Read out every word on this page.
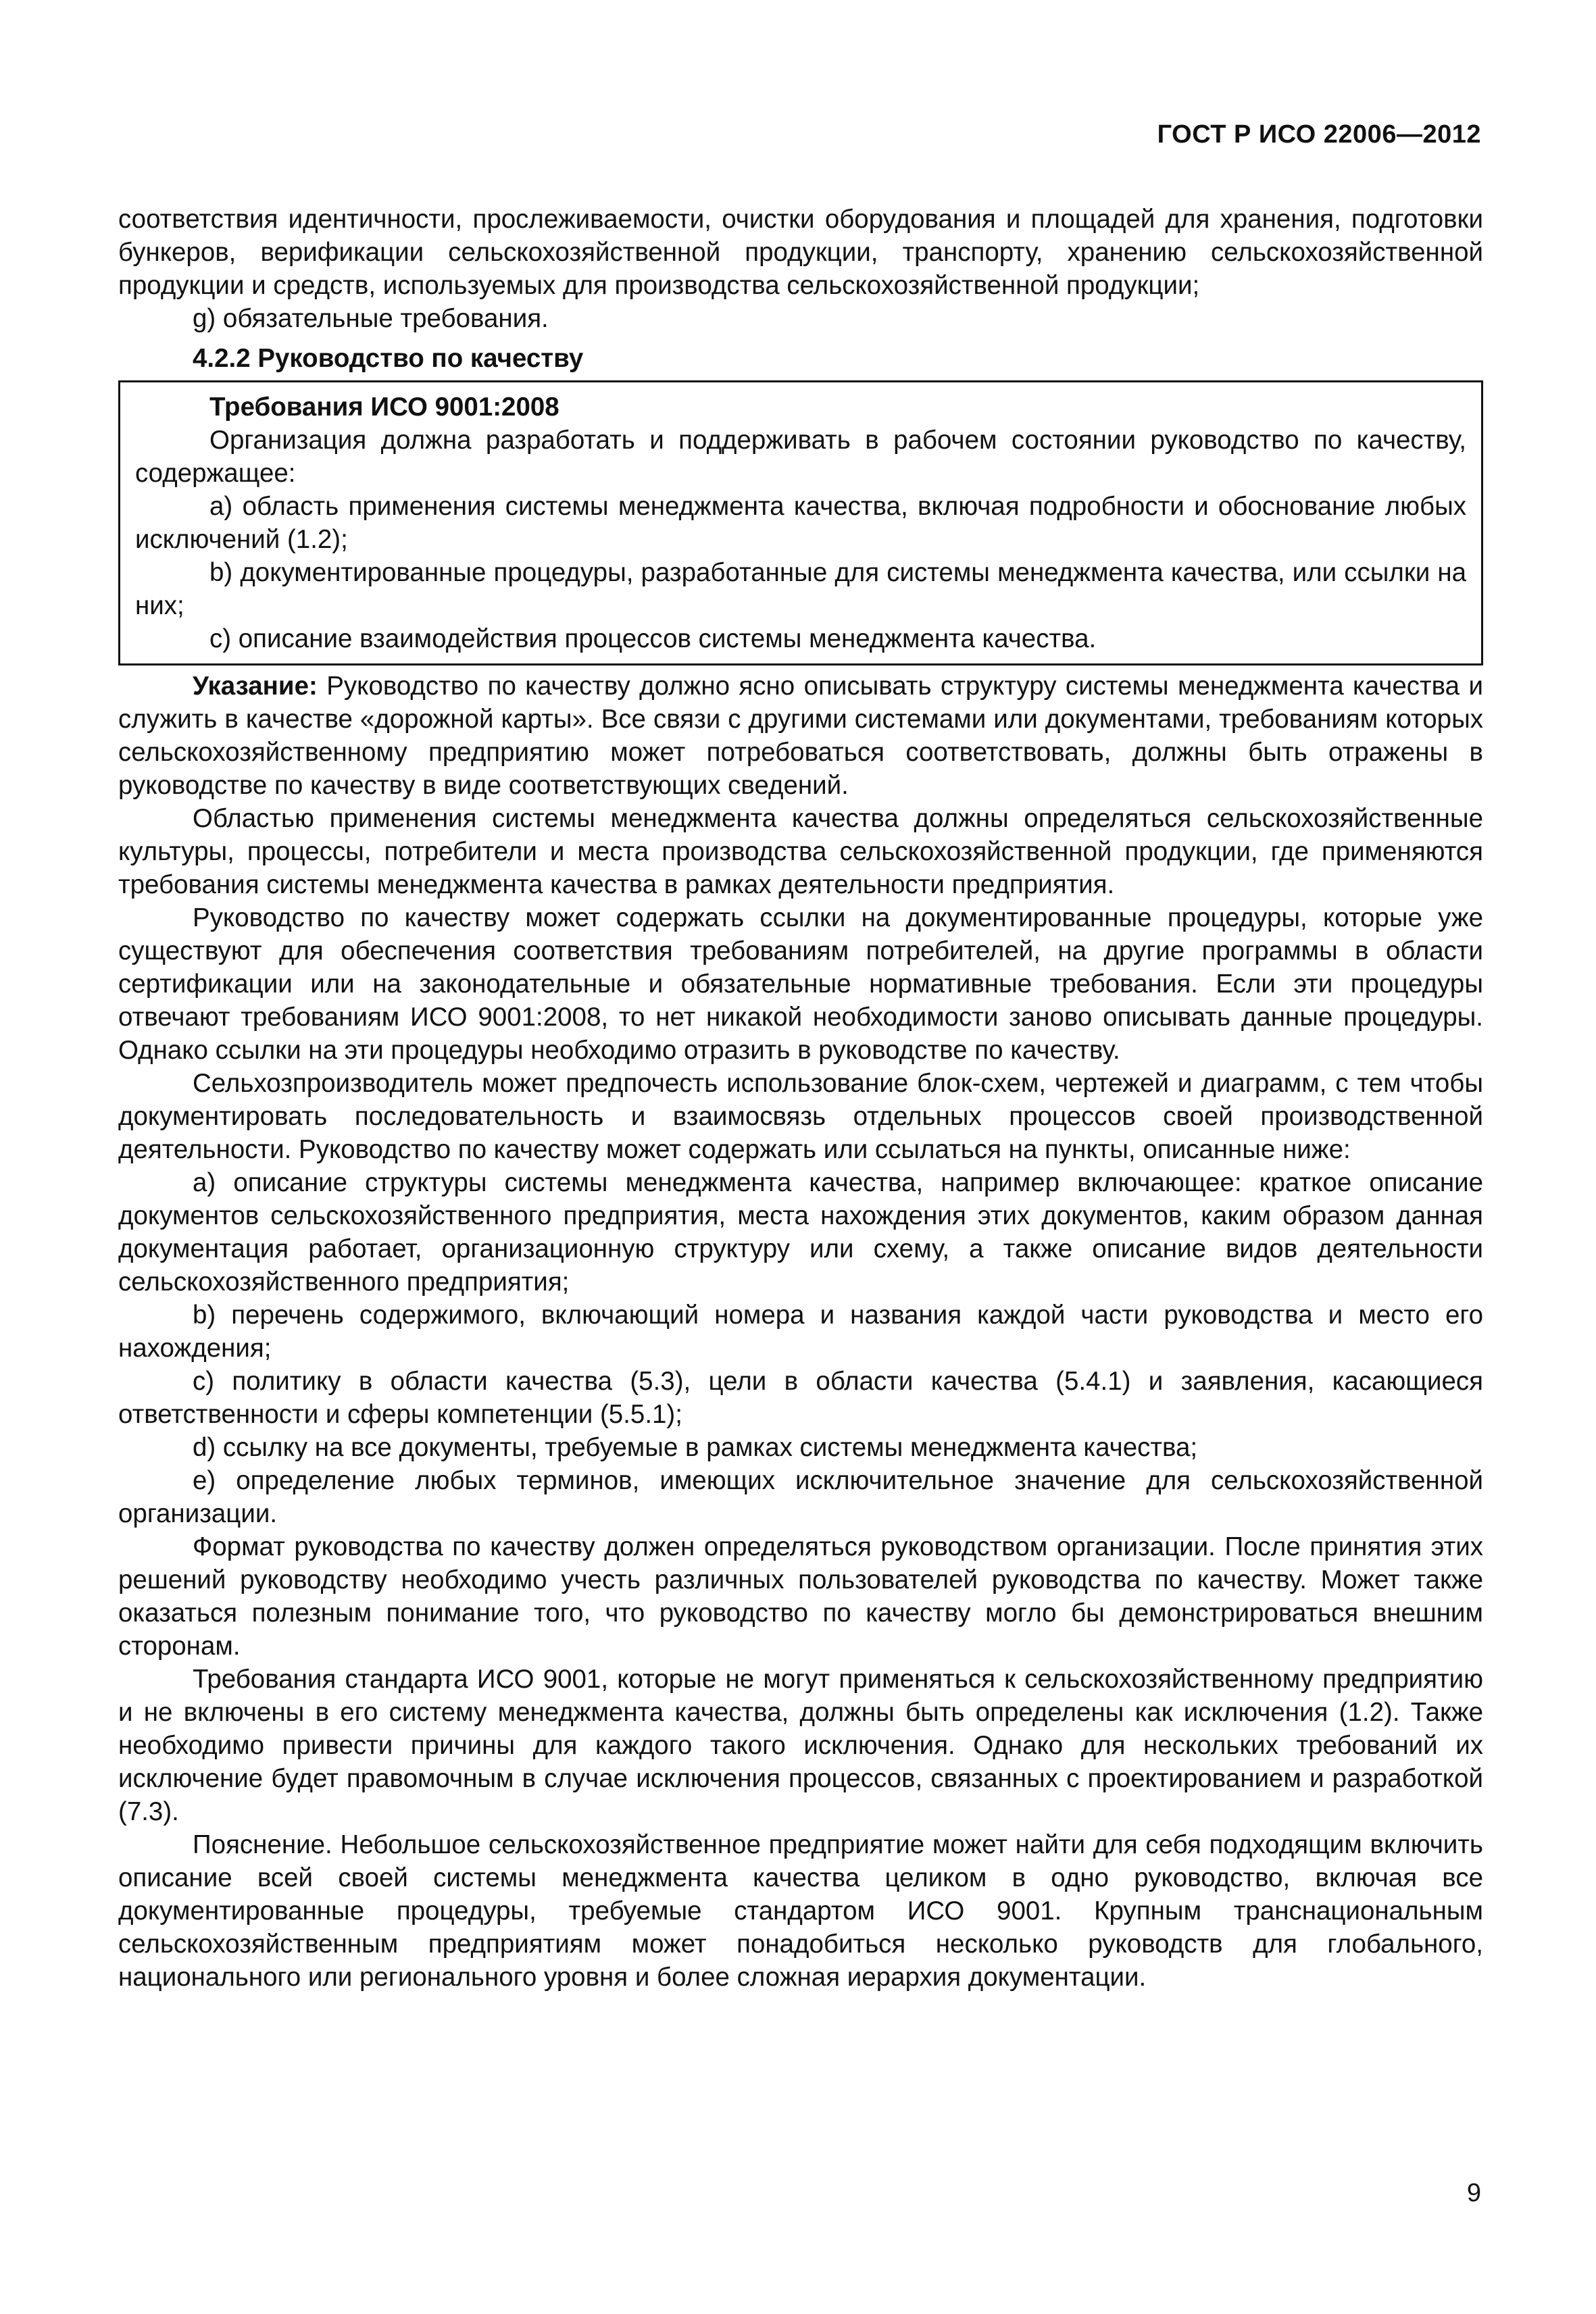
ГОСТ Р ИСО 22006—2012

соответствия идентичности, прослеживаемости, очистки оборудования и площадей для хранения, подготовки бункеров, верификации сельскохозяйственной продукции, транспорту, хранению сельскохозяйственной продукции и средств, используемых для производства сельскохозяйственной продукции;

g) обязательные требования.

4.2.2 Руководство по качеству

Требования ИСО 9001:2008

Организация должна разработать и поддерживать в рабочем состоянии руководство по качеству, содержащее:

a) область применения системы менеджмента качества, включая подробности и обоснование любых исключений (1.2);

b) документированные процедуры, разработанные для системы менеджмента качества, или ссылки на них;

c) описание взаимодействия процессов системы менеджмента качества.

Указание: Руководство по качеству должно ясно описывать структуру системы менеджмента качества и служить в качестве «дорожной карты». Все связи с другими системами или документами, требованиям которых сельскохозяйственному предприятию может потребоваться соответствовать, должны быть отражены в руководстве по качеству в виде соответствующих сведений.

Областью применения системы менеджмента качества должны определяться сельскохозяйственные культуры, процессы, потребители и места производства сельскохозяйственной продукции, где применяются требования системы менеджмента качества в рамках деятельности предприятия.

Руководство по качеству может содержать ссылки на документированные процедуры, которые уже существуют для обеспечения соответствия требованиям потребителей, на другие программы в области сертификации или на законодательные и обязательные нормативные требования. Если эти процедуры отвечают требованиям ИСО 9001:2008, то нет никакой необходимости заново описывать данные процедуры. Однако ссылки на эти процедуры необходимо отразить в руководстве по качеству.

Сельхозпроизводитель может предпочесть использование блок-схем, чертежей и диаграмм, с тем чтобы документировать последовательность и взаимосвязь отдельных процессов своей производственной деятельности. Руководство по качеству может содержать или ссылаться на пункты, описанные ниже:

a) описание структуры системы менеджмента качества, например включающее: краткое описание документов сельскохозяйственного предприятия, места нахождения этих документов, каким образом данная документация работает, организационную структуру или схему, а также описание видов деятельности сельскохозяйственного предприятия;

b) перечень содержимого, включающий номера и названия каждой части руководства и место его нахождения;

c) политику в области качества (5.3), цели в области качества (5.4.1) и заявления, касающиеся ответственности и сферы компетенции (5.5.1);

d) ссылку на все документы, требуемые в рамках системы менеджмента качества;

e) определение любых терминов, имеющих исключительное значение для сельскохозяйственной организации.

Формат руководства по качеству должен определяться руководством организации. После принятия этих решений руководству необходимо учесть различных пользователей руководства по качеству. Может также оказаться полезным понимание того, что руководство по качеству могло бы демонстрироваться внешним сторонам.

Требования стандарта ИСО 9001, которые не могут применяться к сельскохозяйственному предприятию и не включены в его систему менеджмента качества, должны быть определены как исключения (1.2). Также необходимо привести причины для каждого такого исключения. Однако для нескольких требований их исключение будет правомочным в случае исключения процессов, связанных с проектированием и разработкой (7.3).

Пояснение. Небольшое сельскохозяйственное предприятие может найти для себя подходящим включить описание всей своей системы менеджмента качества целиком в одно руководство, включая все документированные процедуры, требуемые стандартом ИСО 9001. Крупным транснациональным сельскохозяйственным предприятиям может понадобиться несколько руководств для глобального, национального или регионального уровня и более сложная иерархия документации.

9
